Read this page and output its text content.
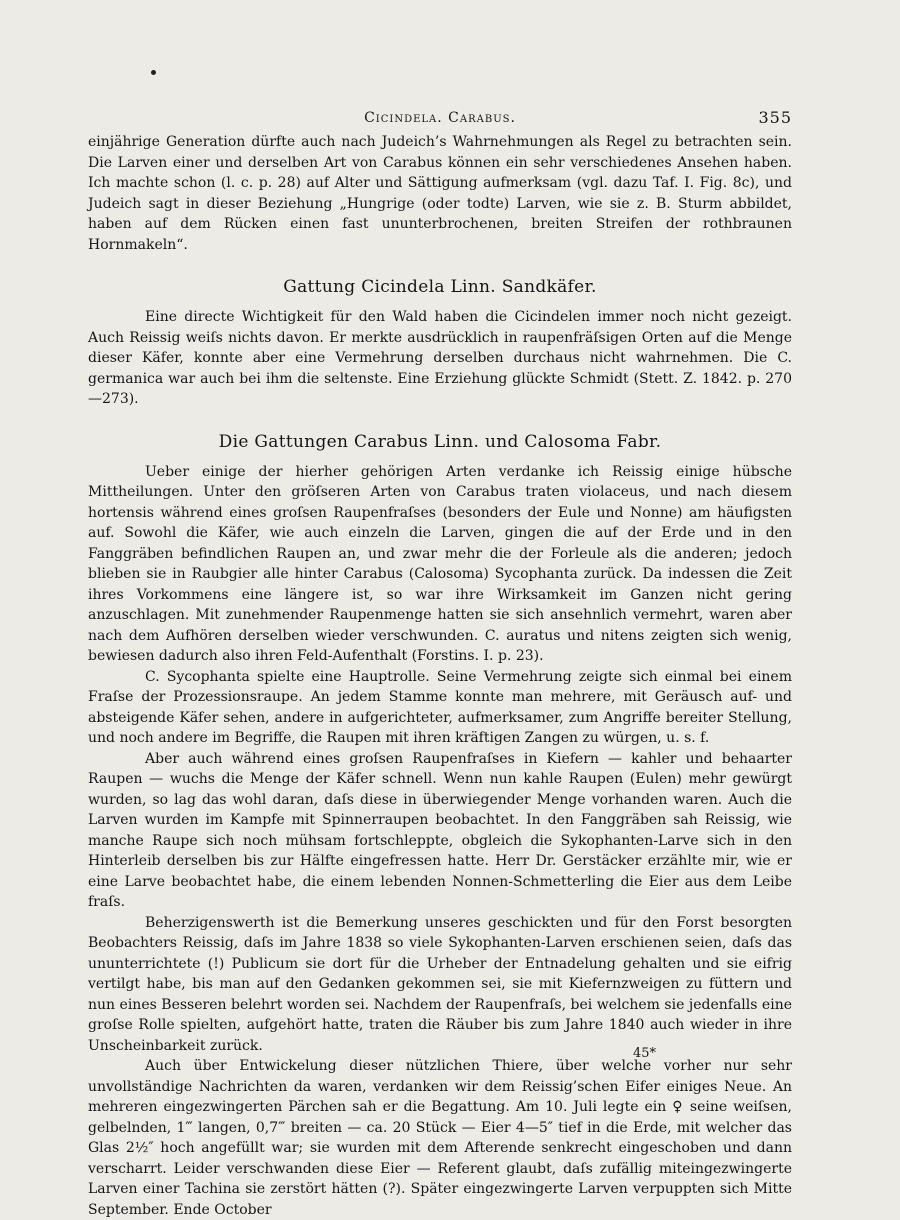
Cicindela. Carabus.	355

einjährige Generation dürfte auch nach Judeich’s Wahrnehmungen als Regel zu betrachten sein. Die Larven einer und derselben Art von Carabus können ein sehr verschiedenes Ansehen haben. Ich machte schon (l. c. p. 28) auf Alter und Sättigung aufmerksam (vgl. dazu Taf. I. Fig. 8c), und Judeich sagt in dieser Beziehung „Hungrige (oder todte) Larven, wie sie z. B. Sturm abbildet, haben auf dem Rücken einen fast ununterbrochenen, breiten Streifen der rothbraunen Hornmakeln“.

Gattung Cicindela Linn. Sandkäfer.

Eine directe Wichtigkeit für den Wald haben die Cicindelen immer noch nicht gezeigt. Auch Reissig weiſs nichts davon. Er merkte ausdrücklich in raupenfräſsigen Orten auf die Menge dieser Käfer, konnte aber eine Vermehrung derselben durchaus nicht wahrnehmen. Die C. germanica war auch bei ihm die seltenste. Eine Erziehung glückte Schmidt (Stett. Z. 1842. p. 270—273).

Die Gattungen Carabus Linn. und Calosoma Fabr.

Ueber einige der hierher gehörigen Arten verdanke ich Reissig einige hübsche Mittheilungen. Unter den gröſseren Arten von Carabus traten violaceus, und nach diesem hortensis während eines groſsen Raupenfraſses (besonders der Eule und Nonne) am häufigsten auf. Sowohl die Käfer, wie auch einzeln die Larven, gingen die auf der Erde und in den Fanggräben befindlichen Raupen an, und zwar mehr die der Forleule als die anderen; jedoch blieben sie in Raubgier alle hinter Carabus (Calosoma) Sycophanta zurück. Da indessen die Zeit ihres Vorkommens eine längere ist, so war ihre Wirksamkeit im Ganzen nicht gering anzuschlagen. Mit zunehmender Raupenmenge hatten sie sich ansehnlich vermehrt, waren aber nach dem Aufhören derselben wieder verschwunden. C. auratus und nitens zeigten sich wenig, bewiesen dadurch also ihren Feld-Aufenthalt (Forstins. I. p. 23).

C. Sycophanta spielte eine Hauptrolle. Seine Vermehrung zeigte sich einmal bei einem Fraſse der Prozessionsraupe. An jedem Stamme konnte man mehrere, mit Geräusch auf- und absteigende Käfer sehen, andere in aufgerichteter, aufmerksamer, zum Angriffe bereiter Stellung, und noch andere im Begriffe, die Raupen mit ihren kräftigen Zangen zu würgen, u. s. f.

Aber auch während eines groſsen Raupenfraſses in Kiefern — kahler und behaarter Raupen — wuchs die Menge der Käfer schnell. Wenn nun kahle Raupen (Eulen) mehr gewürgt wurden, so lag das wohl daran, daſs diese in überwiegender Menge vorhanden waren. Auch die Larven wurden im Kampfe mit Spinnerraupen beobachtet. In den Fanggräben sah Reissig, wie manche Raupe sich noch mühsam fortschleppte, obgleich die Sykophanten-Larve sich in den Hinterleib derselben bis zur Hälfte eingefressen hatte. Herr Dr. Gerstäcker erzählte mir, wie er eine Larve beobachtet habe, die einem lebenden Nonnen-Schmetterling die Eier aus dem Leibe fraſs.

Beherzigenswerth ist die Bemerkung unseres geschickten und für den Forst besorgten Beobachters Reissig, daſs im Jahre 1838 so viele Sykophanten-Larven erschienen seien, daſs das ununterrichtete (!) Publicum sie dort für die Urheber der Entnadelung gehalten und sie eifrig vertilgt habe, bis man auf den Gedanken gekommen sei, sie mit Kiefernzweigen zu füttern und nun eines Besseren belehrt worden sei. Nachdem der Raupenfraſs, bei welchem sie jedenfalls eine groſse Rolle spielten, aufgehört hatte, traten die Räuber bis zum Jahre 1840 auch wieder in ihre Unscheinbarkeit zurück.

Auch über Entwickelung dieser nützlichen Thiere, über welche vorher nur sehr unvollständige Nachrichten da waren, verdanken wir dem Reissig’schen Eifer einiges Neue. An mehreren eingezwingerten Pärchen sah er die Begattung. Am 10. Juli legte ein ♀ seine weiſsen, gelbelnden, 1‴ langen, 0,7‴ breiten — ca. 20 Stück — Eier 4—5″ tief in die Erde, mit welcher das Glas 2½″ hoch angefüllt war; sie wurden mit dem Afterende senkrecht eingeschoben und dann verscharrt. Leider verschwanden diese Eier — Referent glaubt, daſs zufällig miteingezwingerte Larven einer Tachina sie zerstört hätten (?). Später eingezwingerte Larven verpuppten sich Mitte September. Ende October

45*
